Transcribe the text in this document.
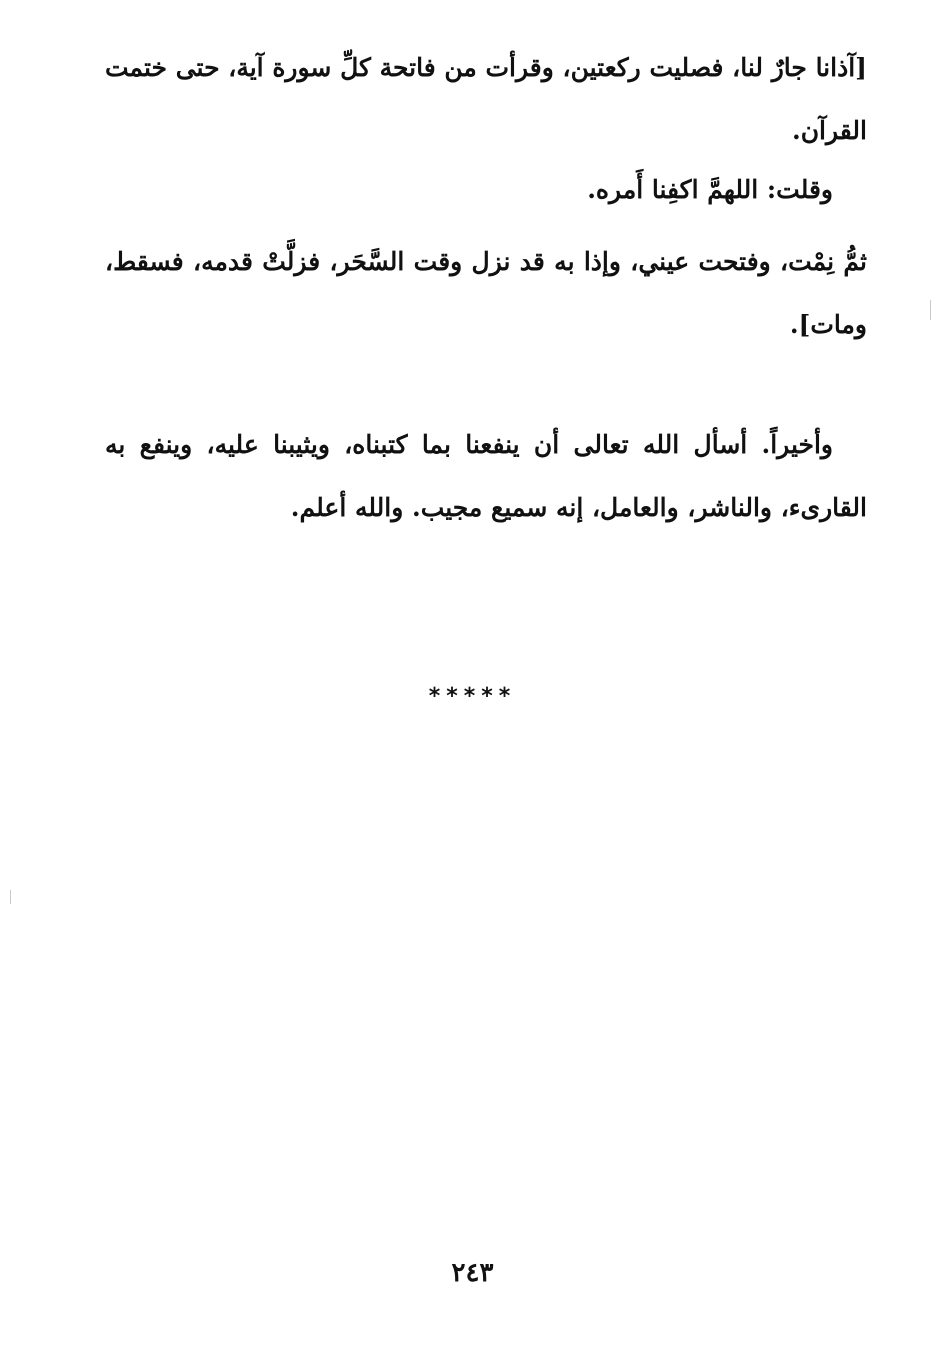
[آذانا جارٌ لنا، فصليت ركعتين، وقرأت من فاتحة كلِّ سورة آية، حتى ختمت القرآن.

وقلت: اللهمَّ اكفِنا أَمره.

ثمُّ نِمْت، وفتحت عيني، وإذا به قد نزل وقت السَّحَر، فزلَّتْ قدمه، فسقط، ومات].

وأخيراً. أسأل الله تعالى أن ينفعنا بما كتبناه، ويثيبنا عليه، وينفع به القارىء، والناشر، والعامل، إنه سميع مجيب. والله أعلم.

*****
٢٤٣
